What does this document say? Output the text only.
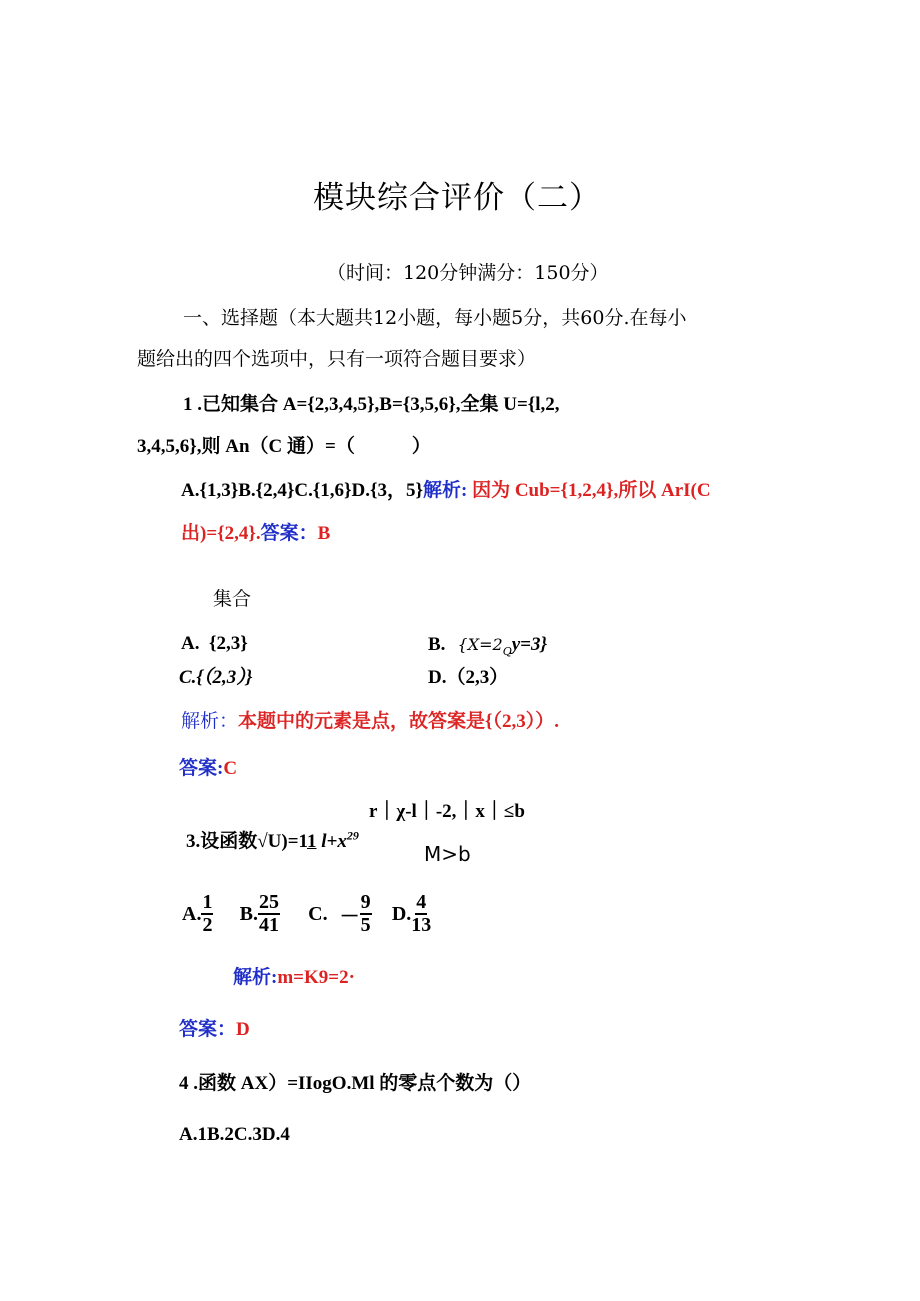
模块综合评价（二）
（时间：120分钟满分：150分）
一、选择题（本大题共12小题，每小题5分，共60分.在每小
题给出的四个选项中，只有一项符合题目要求）
1 .已知集合 A={2,3,4,5},B={3,5,6},全集 U={l,2,
3,4,5,6},则 An（C 通）=（　　　）
A.{1,3}B.{2,4}C.{1,6}D.{3，5}解析: 因为 Cub={1,2,4},所以 ArI(C
出)={2,4}.答案：B
集合
A. {2,3}	B. $\{X=2_Qy=3\}$
C.{（2,3）}	D.（2,3）
解析：本题中的元素是点，故答案是{（2,3））.
答案:C
r｜χ-l｜-2,｜x｜≤b
3.设函数√U)=11 $l+x^{29}$
M>b
A. $\frac{1}{2}$
B. $\frac{25}{41}$
C. － $\frac{9}{5}$
D. $\frac{4}{13}$
解析:m=K9=2·
答案：D
4 .函数 AX）=IIogO.Ml 的零点个数为（）
A.1B.2C.3D.4
